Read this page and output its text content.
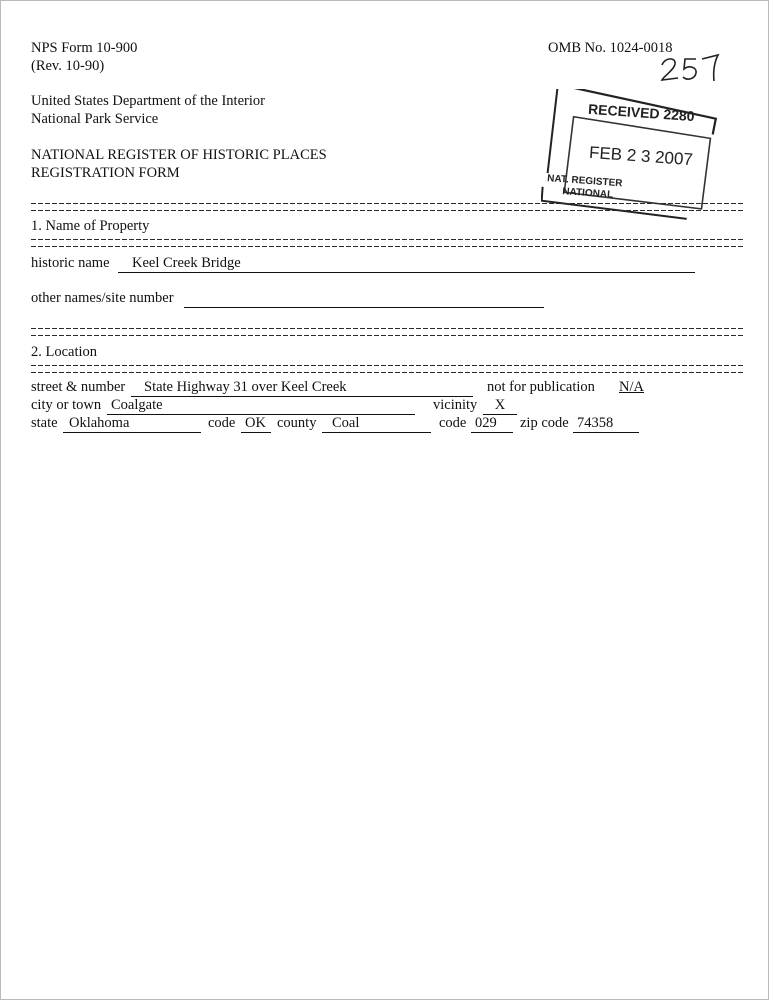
NPS Form 10-900
(Rev. 10-90)
OMB No. 1024-0018
United States Department of the Interior
National Park Service
NATIONAL REGISTER OF HISTORIC PLACES
REGISTRATION FORM
RECEIVED 2280
FEB 2 3 2007
NAT. REGISTER
NATIONAL
1. Name of Property
historic name	Keel Creek Bridge
other names/site number
2. Location
street & number	State Highway 31 over Keel Creek	not for publication N/A
city or town Coalgate	vicinity	X
state Oklahoma	code OK county	Coal	code 029	zip code 74358
